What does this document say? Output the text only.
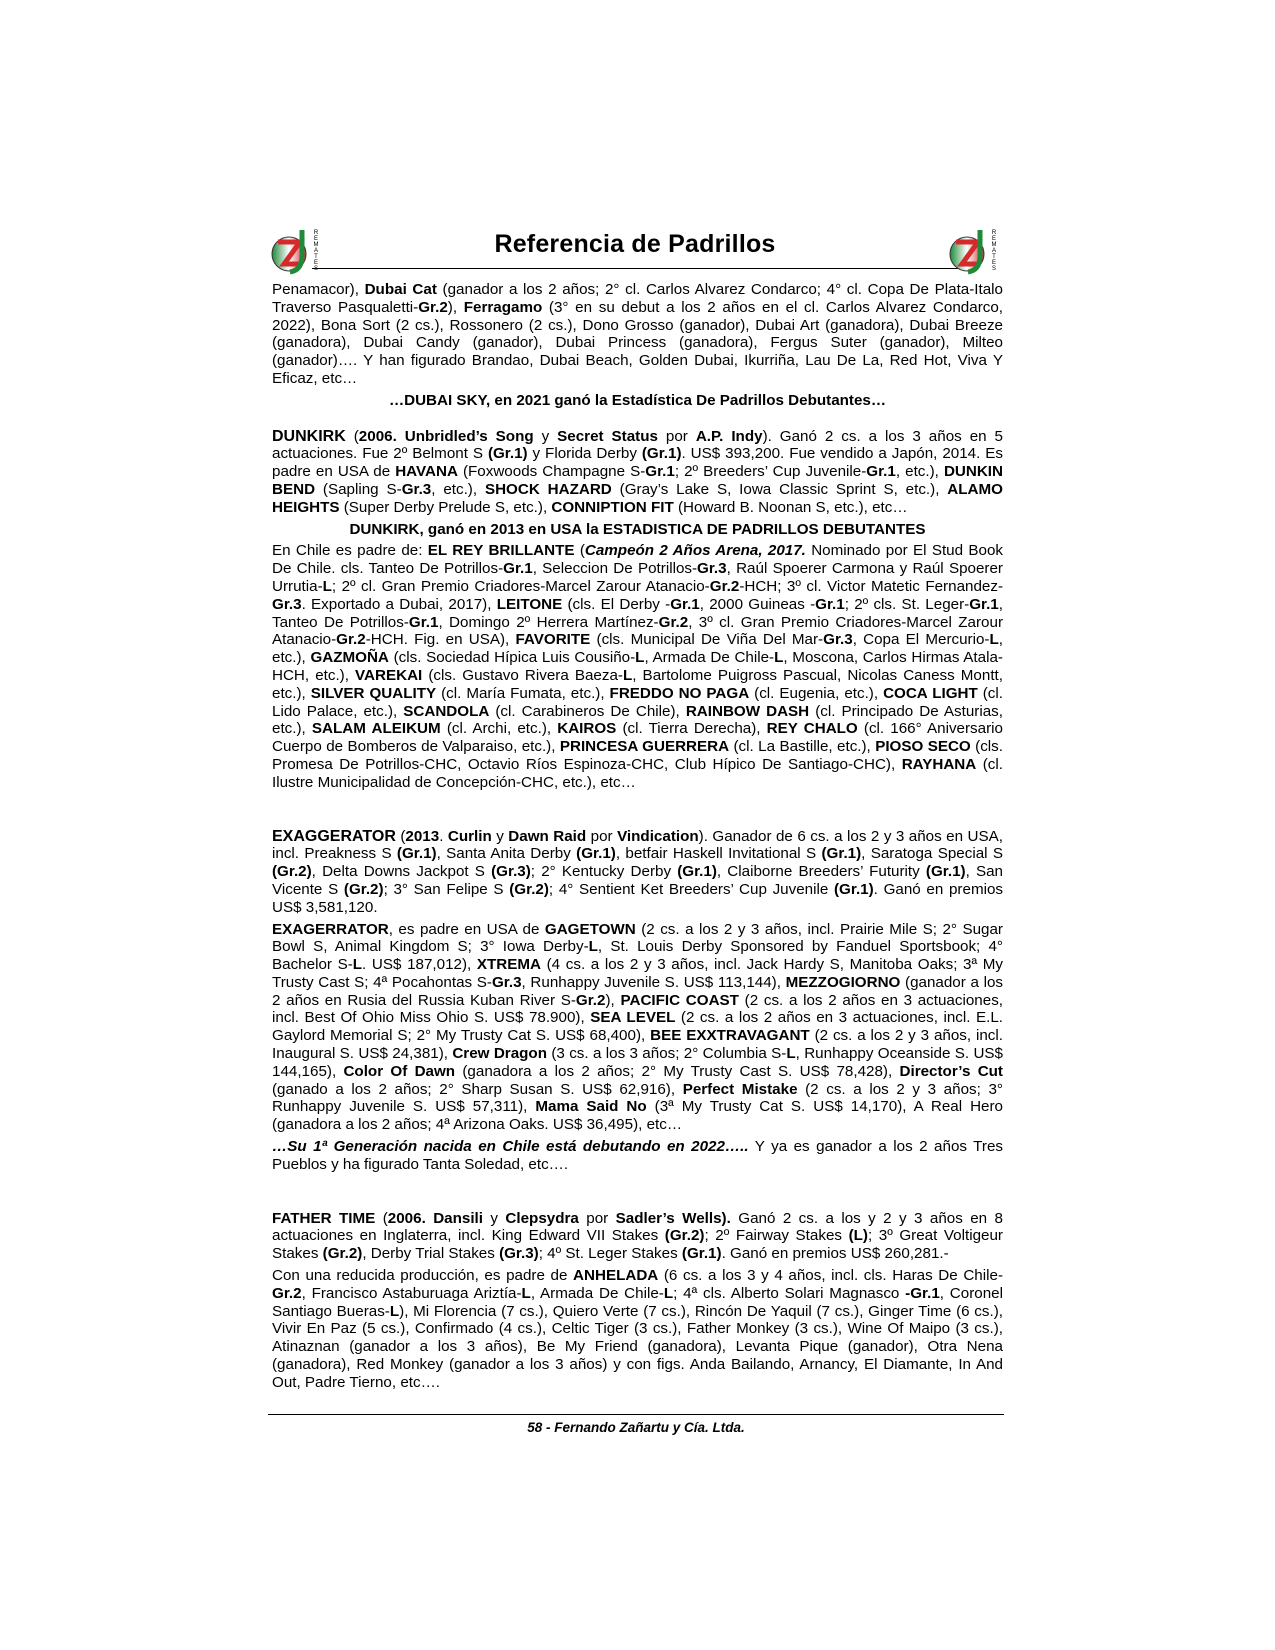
R
E
M
A
T
E
S
Referencia de Padrillos	R
E
M
A
T
E
S

Penamacor), Dubai Cat (ganador a los 2 años; 2° cl. Carlos Alvarez Condarco; 4° cl. Copa De Plata-Italo Traverso Pasqualetti-Gr.2), Ferragamo (3° en su debut a los 2 años en el cl. Carlos Alvarez Condarco, 2022), Bona Sort (2 cs.), Rossonero (2 cs.), Dono Grosso (ganador), Dubai Art (ganadora), Dubai Breeze (ganadora), Dubai Candy (ganador), Dubai Princess (ganadora), Fergus Suter (ganador), Milteo (ganador)…. Y han figurado Brandao, Dubai Beach, Golden Dubai, Ikurriña, Lau De La, Red Hot, Viva Y Eficaz, etc…

…DUBAI SKY, en 2021 ganó la Estadística De Padrillos Debutantes…

DUNKIRK (2006. Unbridled’s Song y Secret Status por A.P. Indy). Ganó 2 cs. a los 3 años en 5 actuaciones. Fue 2º Belmont S (Gr.1) y Florida Derby (Gr.1). US$ 393,200. Fue vendido a Japón, 2014. Es padre en USA de HAVANA (Foxwoods Champagne S-Gr.1; 2º Breeders’ Cup Juvenile-Gr.1, etc.), DUNKIN BEND (Sapling S-Gr.3, etc.), SHOCK HAZARD (Gray’s Lake S, Iowa Classic Sprint S, etc.), ALAMO HEIGHTS (Super Derby Prelude S, etc.), CONNIPTION FIT (Howard B. Noonan S, etc.), etc…

DUNKIRK, ganó en 2013 en USA la ESTADISTICA DE PADRILLOS DEBUTANTES

En Chile es padre de: EL REY BRILLANTE (Campeón 2 Años Arena, 2017. Nominado por El Stud Book De Chile. cls. Tanteo De Potrillos-Gr.1, Seleccion De Potrillos-Gr.3, Raúl Spoerer Carmona y Raúl Spoerer Urrutia-L; 2º cl. Gran Premio Criadores-Marcel Zarour Atanacio-Gr.2-HCH; 3º cl. Victor Matetic Fernandez-Gr.3. Exportado a Dubai, 2017), LEITONE (cls. El Derby -Gr.1, 2000 Guineas -Gr.1; 2º cls. St. Leger-Gr.1, Tanteo De Potrillos-Gr.1, Domingo 2º Herrera Martínez-Gr.2, 3º cl. Gran Premio Criadores-Marcel Zarour Atanacio-Gr.2-HCH. Fig. en USA), FAVORITE (cls. Municipal De Viña Del Mar-Gr.3, Copa El Mercurio-L, etc.), GAZMOÑA (cls. Sociedad Hípica Luis Cousiño-L, Armada De Chile-L, Moscona, Carlos Hirmas Atala-HCH, etc.), VAREKAI (cls. Gustavo Rivera Baeza-L, Bartolome Puigross Pascual, Nicolas Caness Montt, etc.), SILVER QUALITY (cl. María Fumata, etc.), FREDDO NO PAGA (cl. Eugenia, etc.), COCA LIGHT (cl. Lido Palace, etc.), SCANDOLA (cl. Carabineros De Chile), RAINBOW DASH (cl. Principado De Asturias, etc.), SALAM ALEIKUM (cl. Archi, etc.), KAIROS (cl. Tierra Derecha), REY CHALO (cl. 166° Aniversario Cuerpo de Bomberos de Valparaiso, etc.), PRINCESA GUERRERA (cl. La Bastille, etc.), PIOSO SECO (cls. Promesa De Potrillos-CHC, Octavio Ríos Espinoza-CHC, Club Hípico De Santiago-CHC), RAYHANA (cl. Ilustre Municipalidad de Concepción-CHC, etc.), etc…

EXAGGERATOR (2013. Curlin y Dawn Raid por Vindication). Ganador de 6 cs. a los 2 y 3 años en USA, incl. Preakness S (Gr.1), Santa Anita Derby (Gr.1), betfair Haskell Invitational S (Gr.1), Saratoga Special S (Gr.2), Delta Downs Jackpot S (Gr.3); 2° Kentucky Derby (Gr.1), Claiborne Breeders’ Futurity (Gr.1), San Vicente S (Gr.2); 3° San Felipe S (Gr.2); 4° Sentient Ket Breeders’ Cup Juvenile (Gr.1). Ganó en premios US$ 3,581,120.

EXAGERRATOR, es padre en USA de GAGETOWN (2 cs. a los 2 y 3 años, incl. Prairie Mile S; 2° Sugar Bowl S, Animal Kingdom S; 3° Iowa Derby-L, St. Louis Derby Sponsored by Fanduel Sportsbook; 4° Bachelor S-L. US$ 187,012), XTREMA (4 cs. a los 2 y 3 años, incl. Jack Hardy S, Manitoba Oaks; 3ª My Trusty Cast S; 4ª Pocahontas S-Gr.3, Runhappy Juvenile S. US$ 113,144), MEZZOGIORNO (ganador a los 2 años en Rusia del Russia Kuban River S-Gr.2), PACIFIC COAST (2 cs. a los 2 años en 3 actuaciones, incl. Best Of Ohio Miss Ohio S. US$ 78.900), SEA LEVEL (2 cs. a los 2 años en 3 actuaciones, incl. E.L. Gaylord Memorial S; 2° My Trusty Cat S. US$ 68,400), BEE EXXTRAVAGANT (2 cs. a los 2 y 3 años, incl. Inaugural S. US$ 24,381), Crew Dragon (3 cs. a los 3 años; 2° Columbia S-L, Runhappy Oceanside S. US$ 144,165), Color Of Dawn (ganadora a los 2 años; 2° My Trusty Cast S. US$ 78,428), Director’s Cut (ganado a los 2 años; 2° Sharp Susan S. US$ 62,916), Perfect Mistake (2 cs. a los 2 y 3 años; 3° Runhappy Juvenile S. US$ 57,311), Mama Said No (3ª My Trusty Cat S. US$ 14,170), A Real Hero (ganadora a los 2 años; 4ª Arizona Oaks. US$ 36,495), etc…

…Su 1ª Generación nacida en Chile está debutando en 2022….. Y ya es ganador a los 2 años Tres Pueblos y ha figurado Tanta Soledad, etc….

FATHER TIME (2006. Dansili y Clepsydra por Sadler’s Wells). Ganó 2 cs. a los y 2 y 3 años en 8 actuaciones en Inglaterra, incl. King Edward VII Stakes (Gr.2); 2º Fairway Stakes (L); 3º Great Voltigeur Stakes (Gr.2), Derby Trial Stakes (Gr.3); 4º St. Leger Stakes (Gr.1). Ganó en premios US$ 260,281.-

Con una reducida producción, es padre de ANHELADA (6 cs. a los 3 y 4 años, incl. cls. Haras De Chile-Gr.2, Francisco Astaburuaga Ariztía-L, Armada De Chile-L; 4ª cls. Alberto Solari Magnasco -Gr.1, Coronel Santiago Bueras-L), Mi Florencia (7 cs.), Quiero Verte (7 cs.), Rincón De Yaquil (7 cs.), Ginger Time (6 cs.), Vivir En Paz (5 cs.), Confirmado (4 cs.), Celtic Tiger (3 cs.), Father Monkey (3 cs.), Wine Of Maipo (3 cs.), Atinaznan (ganador a los 3 años), Be My Friend (ganadora), Levanta Pique (ganador), Otra Nena (ganadora), Red Monkey (ganador a los 3 años) y con figs. Anda Bailando, Arnancy, El Diamante, In And Out, Padre Tierno, etc….

58 - Fernando Zañartu y Cía. Ltda.
